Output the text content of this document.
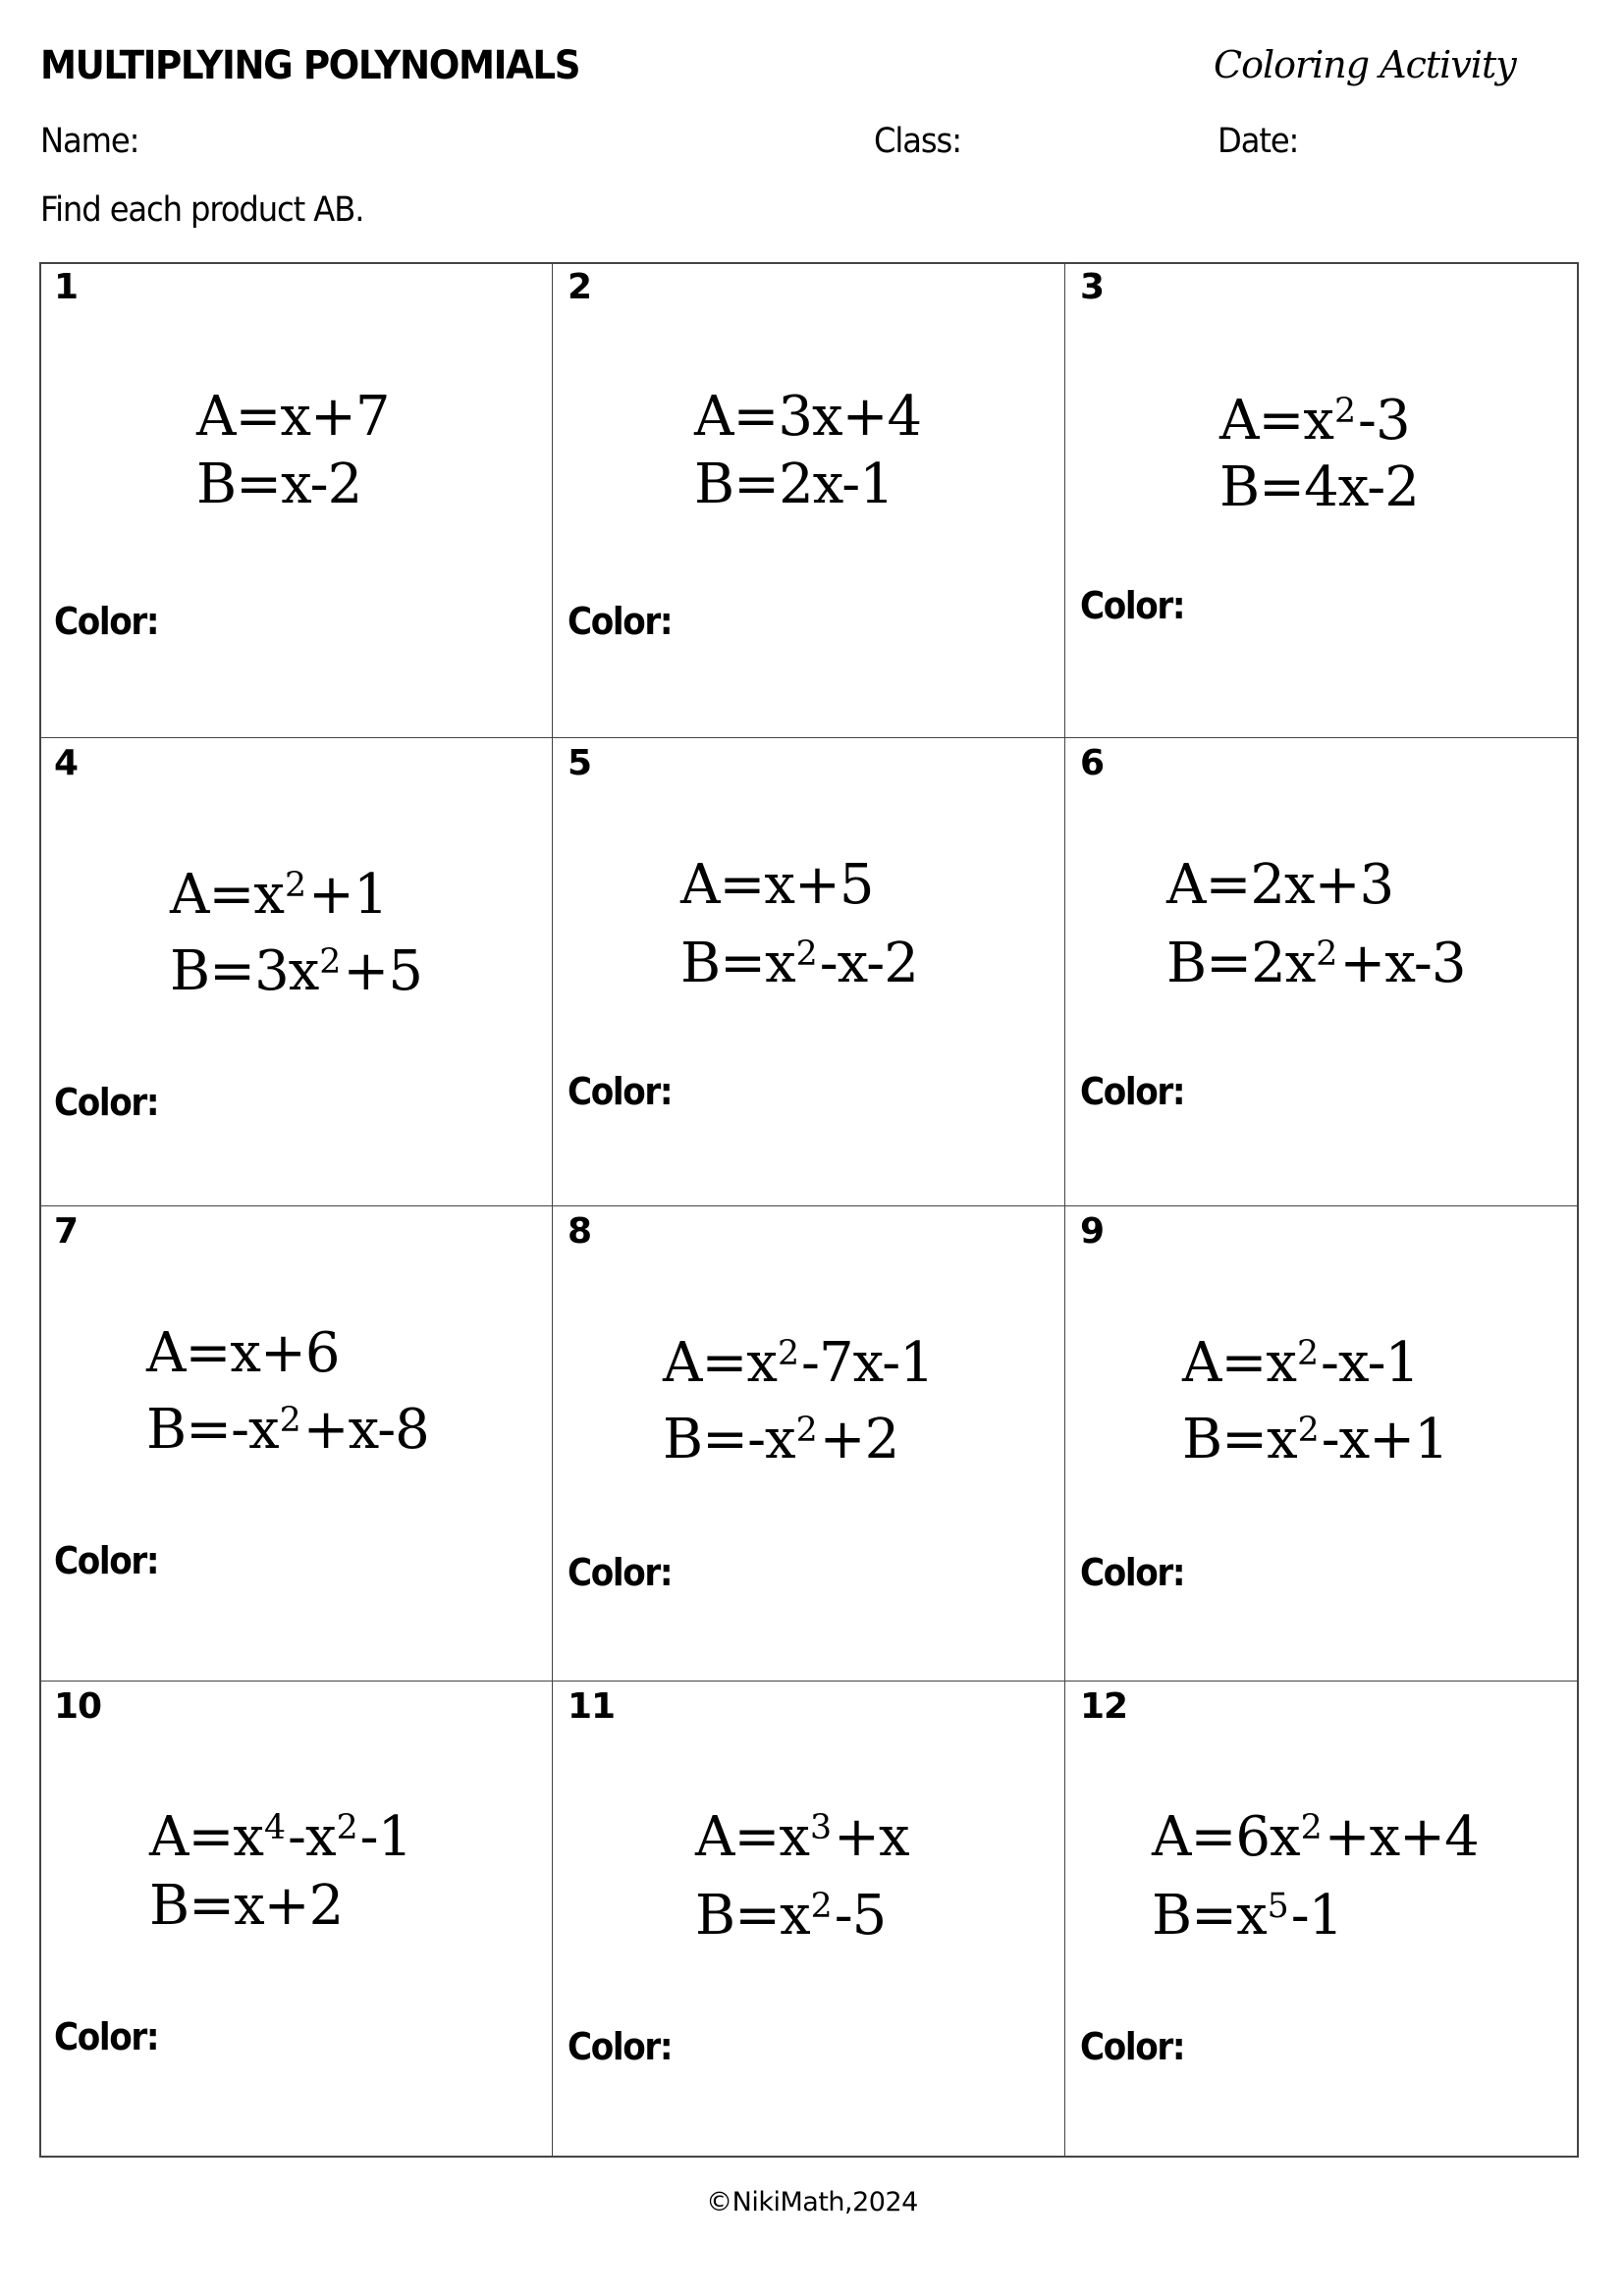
MULTIPLYING POLYNOMIALS	Coloring Activity
Name:	Class:	Date:
Find each product AB.
1
A=x+7
B=x-2
Color:
2
A=3x+4
B=2x-1
Color:
3
$A=x^2-3$
B=4x-2
Color:
4
$A=x^2+1$
$B=3x^2+5$
Color:
5
A=x+5
$B=x^2-x-2$
Color:
6
A=2x+3
$B=2x^2+x-3$
Color:
7
A=x+6
$B=-x^2+x-8$
Color:
8
$A=x^2-7x-1$
$B=-x^2+2$
Color:
9
$A=x^2-x-1$
$B=x^2-x+1$
Color:
10
$A=x^4-x^2-1$
B=x+2
Color:
11
$A=x^3+x$
$B=x^2-5$
Color:
12
$A=6x^2+x+4$
$B=x^5-1$
Color:
©NikiMath,2024
